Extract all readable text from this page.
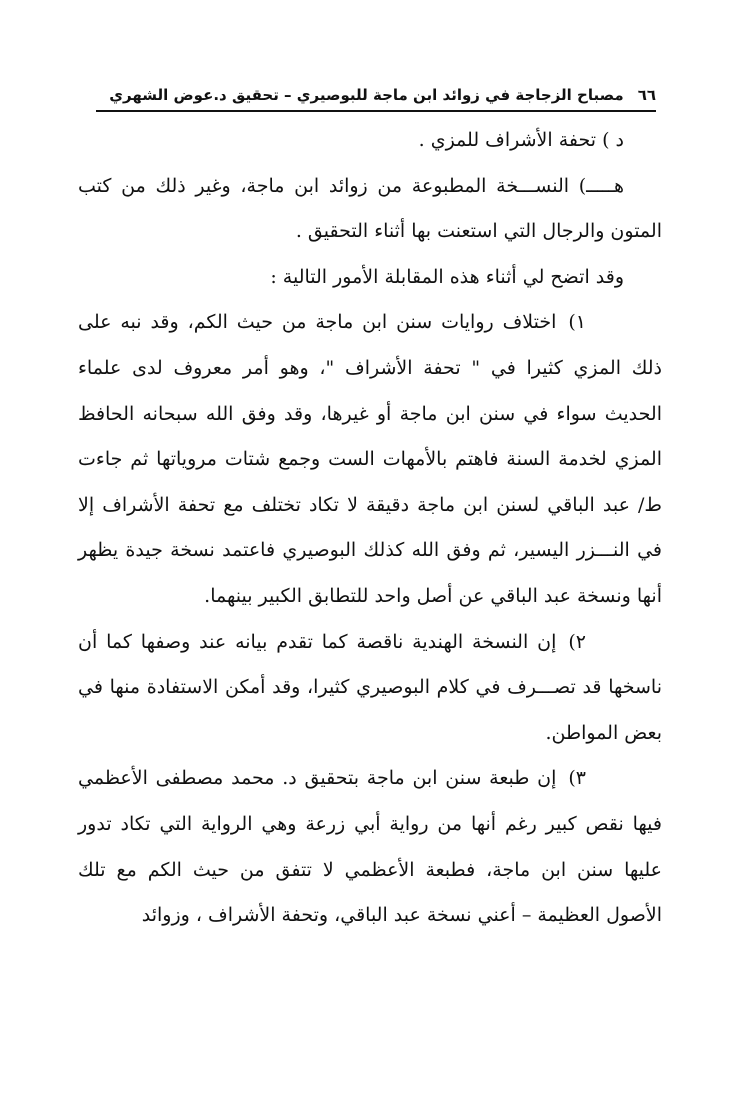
٦٦مصباح الزجاجة في زوائد ابن ماجة للبوصيري – تحقيق د.عوض الشهري

د ) تحفة الأشراف للمزي .

هـــــ) النســـخة المطبوعة من زوائد ابن ماجة، وغير ذلك من كتب المتون والرجال التي استعنت بها أثناء التحقيق .

وقد اتضح لي أثناء هذه المقابلة الأمور التالية :

١)اختلاف روايات سنن ابن ماجة من حيث الكم، وقد نبه على ذلك المزي كثيرا في " تحفة الأشراف "، وهو أمر معروف لدى علماء الحديث سواء في سنن ابن ماجة أو غيرها، وقد وفق الله سبحانه الحافظ المزي لخدمة السنة فاهتم بالأمهات الست وجمع شتات مروياتها ثم جاءت ط/ عبد الباقي لسنن ابن ماجة دقيقة لا تكاد تختلف مع تحفة الأشراف إلا في النـــزر اليسير، ثم وفق الله كذلك البوصيري فاعتمد نسخة جيدة يظهر أنها ونسخة عبد الباقي عن أصل واحد للتطابق الكبير بينهما.

٢)إن النسخة الهندية ناقصة كما تقدم بيانه عند وصفها كما أن ناسخها قد تصـــرف في كلام البوصيري كثيرا، وقد أمكن الاستفادة منها في بعض المواطن.

٣)إن طبعة سنن ابن ماجة بتحقيق د. محمد مصطفى الأعظمي فيها نقص كبير رغم أنها من رواية أبي زرعة وهي الرواية التي تكاد تدور عليها سنن ابن ماجة، فطبعة الأعظمي لا تتفق من حيث الكم مع تلك الأصول العظيمة – أعني نسخة عبد الباقي، وتحفة الأشراف ، وزوائد
